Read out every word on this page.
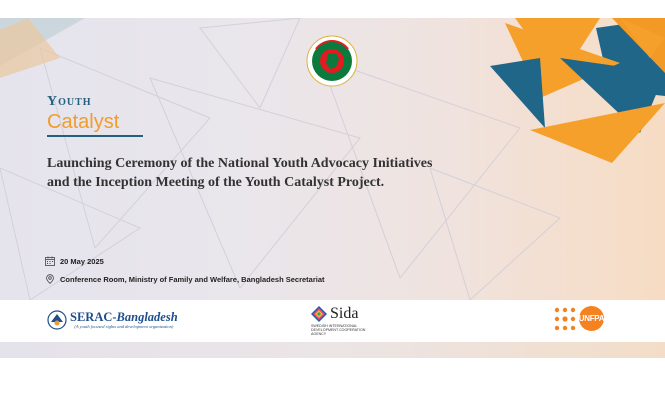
Youth
Catalyst
Launching Ceremony of the National Youth Advocacy Initiatives
and the Inception Meeting of the Youth Catalyst Project.
20 May 2025
Conference Room, Ministry of Family and Welfare, Bangladesh Secretariat
SERAC-Bangladesh
(A youth focused rights and development organization)
Sida
SWEDISH INTERNATIONAL
DEVELOPMENT COOPERATION AGENCY
UNFPA
